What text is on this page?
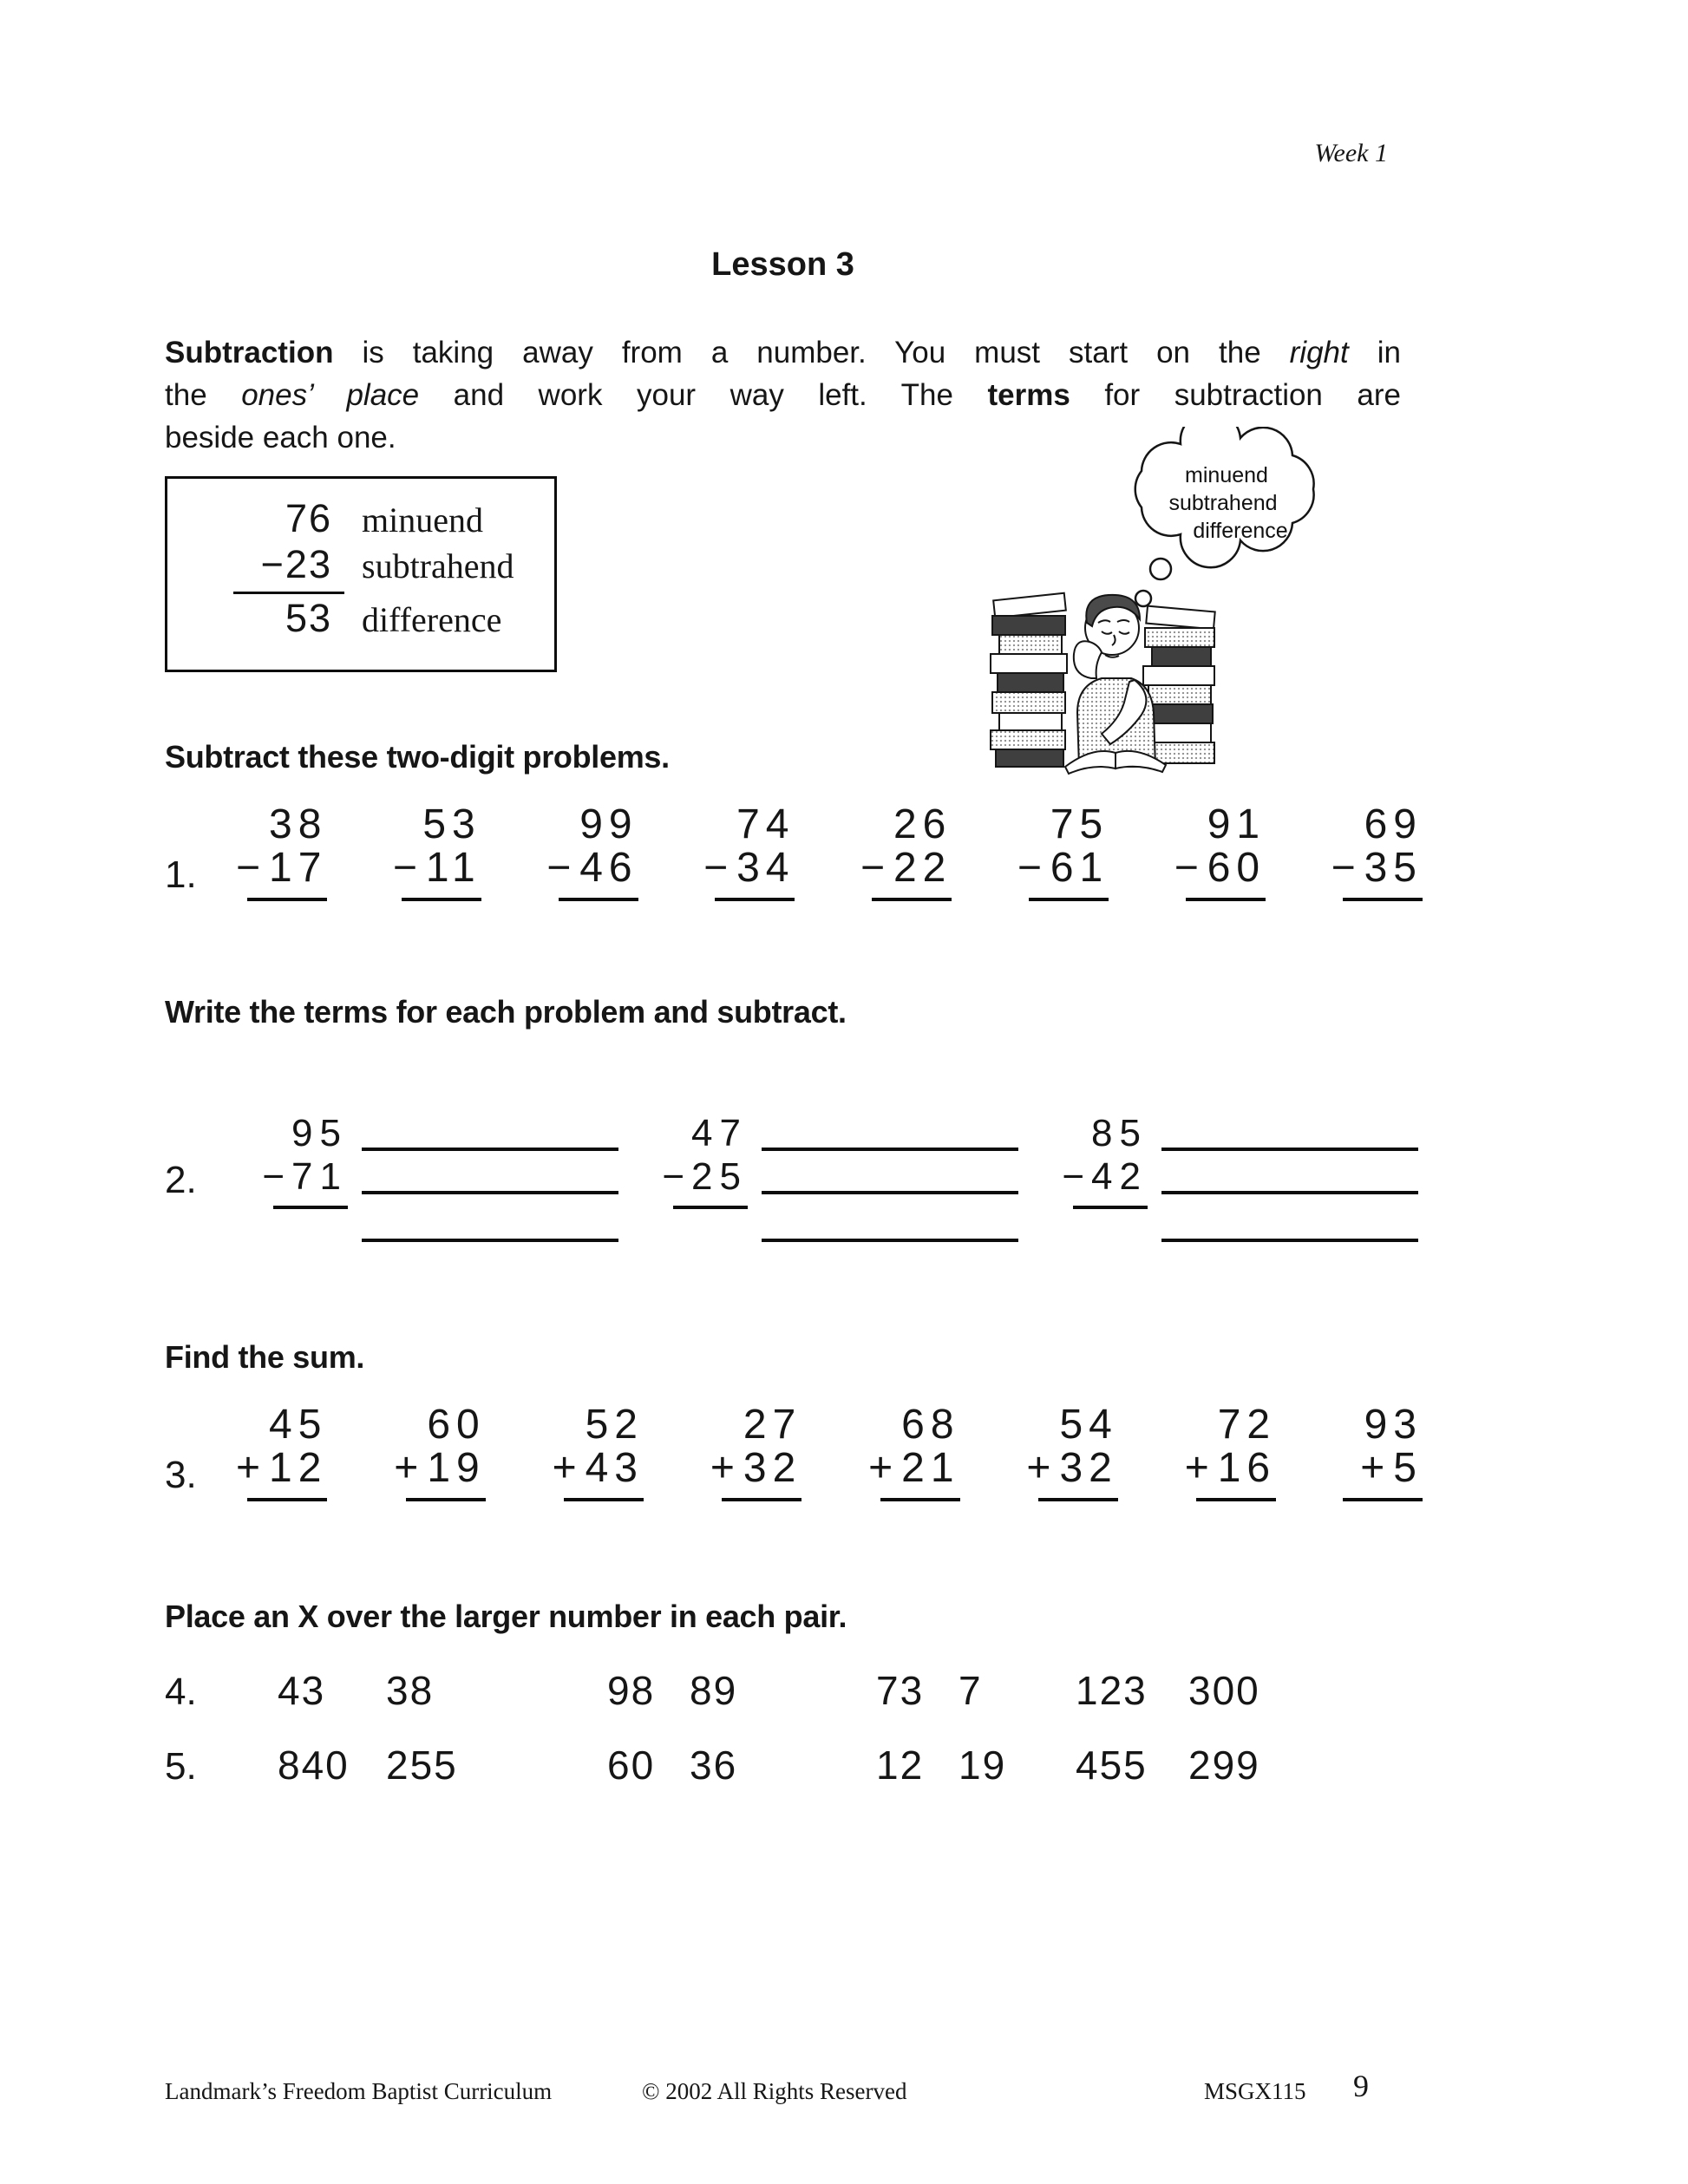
Week 1
Lesson 3
Subtraction is taking away from a number. You must start on the right in
the ones’ place and work your way left. The terms for subtraction are
beside each one.
76 minuend
−23 subtrahend
53 difference
minuend
subtrahend
difference
Subtract these two-digit problems.
1.
38
− 17
53
− 11
99
− 46
74
− 34
26
− 22
75
− 61
91
− 60
69
− 35
Write the terms for each problem and subtract.
2.
95
− 71
47
− 25
85
− 42
Find the sum.
3.
45
+ 12
60
+ 19
52
+ 43
27
+ 32
68
+ 21
54
+ 32
72
+ 16
93
+ 5
Place an X over the larger number in each pair.
4.	43	38	98 89	73 7	123	300
5.	840 255	60 36	12 19	455	299
Landmark’s Freedom Baptist Curriculum	© 2002 All Rights Reserved	MSGX115 9
